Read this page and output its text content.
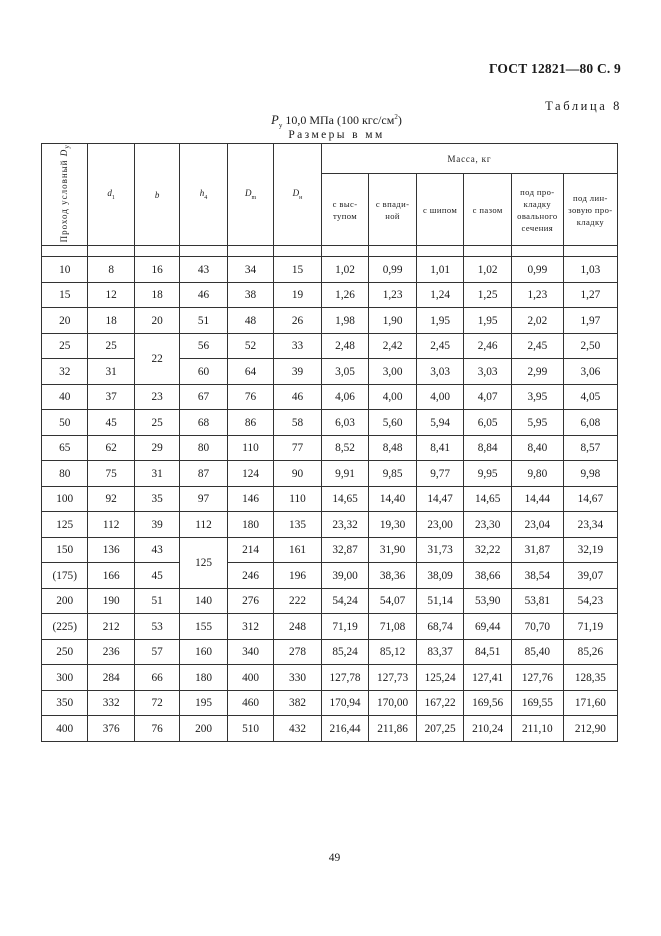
ГОСТ 12821—80 С. 9
Таблица 8
$P_y$ 10,0 МПа (100 кгс/$см^2$)
Размеры в мм
Проход условный $D_y$	$d_1$	b	$h_4$	$D_m$	$D_н$	Масса, кг					
						с выс-тупом	с впади-ной	с шипом	с пазом	под про-кладку овального сечения	под лин-зовую про-кладку

10	8	16	43	34	15	1,02	0,99	1,01	1,02	0,99	1,03
15	12	18	46	38	19	1,26	1,23	1,24	1,25	1,23	1,27
20	18	20	51	48	26	1,98	1,90	1,95	1,95	2,02	1,97
25	25	22	56	52	33	2,48	2,42	2,45	2,46	2,45	2,50
32	31		60	64	39	3,05	3,00	3,03	3,03	2,99	3,06
40	37	23	67	76	46	4,06	4,00	4,00	4,07	3,95	4,05
50	45	25	68	86	58	6,03	5,60	5,94	6,05	5,95	6,08
65	62	29	80	110	77	8,52	8,48	8,41	8,84	8,40	8,57
80	75	31	87	124	90	9,91	9,85	9,77	9,95	9,80	9,98
100	92	35	97	146	110	14,65	14,40	14,47	14,65	14,44	14,67
125	112	39	112	180	135	23,32	19,30	23,00	23,30	23,04	23,34
150	136	43	125	214	161	32,87	31,90	31,73	32,22	31,87	32,19
(175)	166	45		246	196	39,00	38,36	38,09	38,66	38,54	39,07
200	190	51	140	276	222	54,24	54,07	51,14	53,90	53,81	54,23
(225)	212	53	155	312	248	71,19	71,08	68,74	69,44	70,70	71,19
250	236	57	160	340	278	85,24	85,12	83,37	84,51	85,40	85,26
300	284	66	180	400	330	127,78	127,73	125,24	127,41	127,76	128,35
350	332	72	195	460	382	170,94	170,00	167,22	169,56	169,55	171,60
400	376	76	200	510	432	216,44	211,86	207,25	210,24	211,10	212,90
49
